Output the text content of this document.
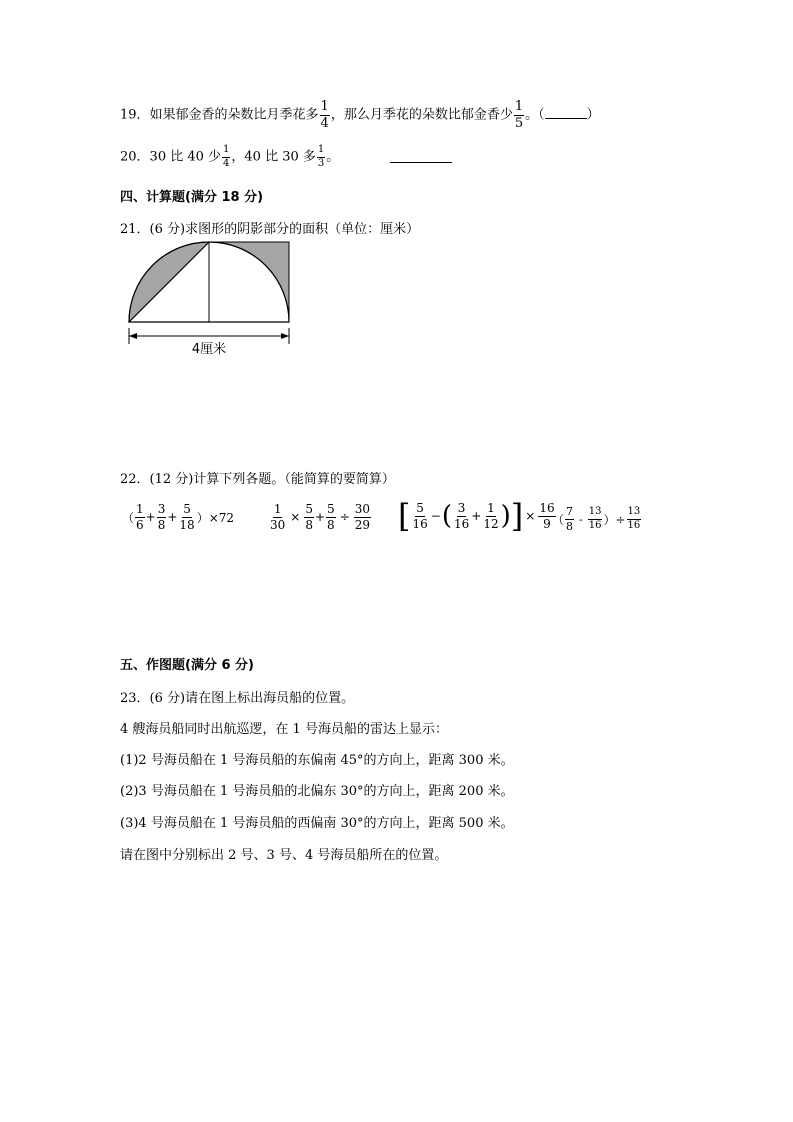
19．如果郁金香的朵数比月季花多 $\frac{1}{4}$ ，那么月季花的朵数比郁金香少 $\frac{1}{5}$ 。（	）
20．30 比 40 少 $\frac{1}{4}$ ，40 比 30 多 $\frac{1}{3}$ 。
四、计算题(满分 18 分)
21．(6 分)求图形的阴影部分的面积（单位：厘米）
4厘米
22．(12 分)计算下列各题。（能简算的要简算）
（ $\frac{1}{6} + \frac{3}{8} + \frac{5}{18} )\times 72$	$\frac{1}{30} \times \frac{5}{8} + \frac{5}{8} \div \frac{30}{29}$ [ $\frac{5}{16}$ − ( $\frac{3}{16} + \frac{1}{12}$ ) ] × $\frac{16}{9}$
（ $\frac{7}{8} - \frac{13}{16}$ ）÷ $\frac{13}{16}$
五、作图题(满分 6 分)
23．(6 分)请在图上标出海员船的位置。
4 艘海员船同时出航巡逻，在 1 号海员船的雷达上显示：
(1)2 号海员船在 1 号海员船的东偏南 45°的方向上，距离 300 米。
(2)3 号海员船在 1 号海员船的北偏东 30°的方向上，距离 200 米。
(3)4 号海员船在 1 号海员船的西偏南 30°的方向上，距离 500 米。
请在图中分别标出 2 号、3 号、4 号海员船所在的位置。
